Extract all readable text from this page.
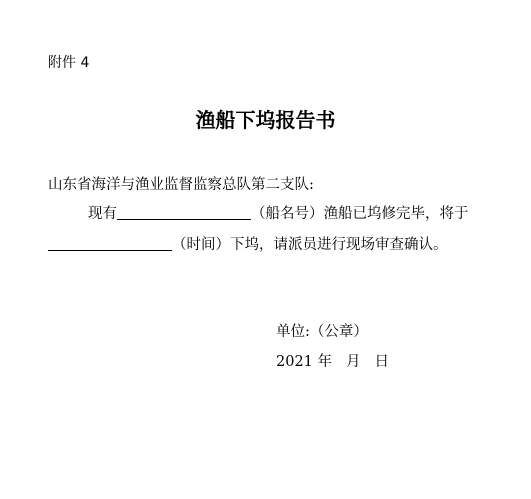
附件 4
渔船下坞报告书
山东省海洋与渔业监督监察总队第二支队:
现有	（船名号）渔船已坞修完毕，将于
（时间）下坞，请派员进行现场审查确认。
单位:（公章）
2021 年 月 日
